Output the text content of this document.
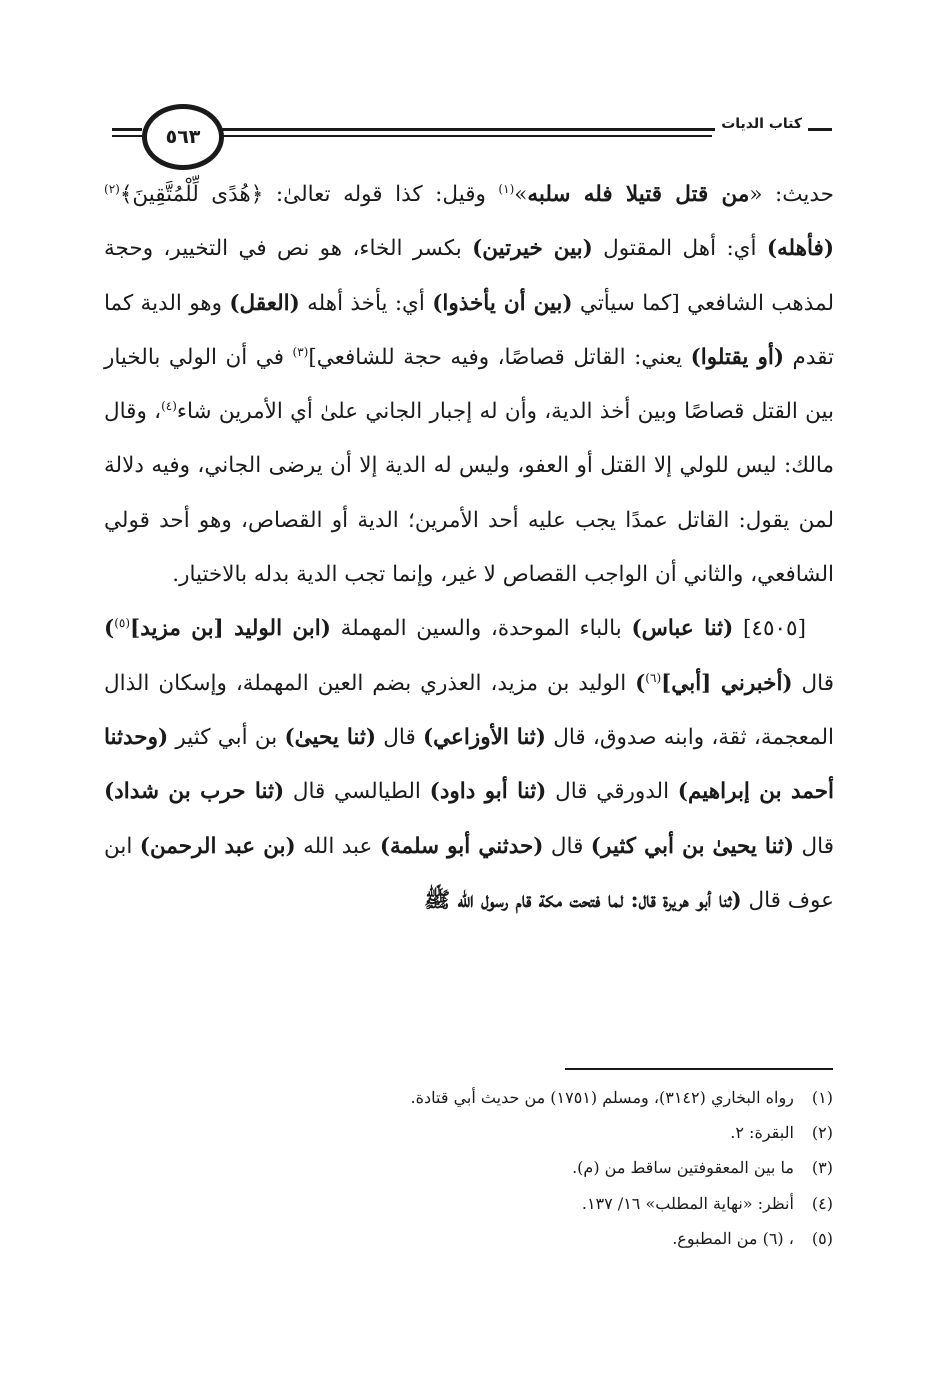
٥٦٣
كتاب الديات

حديث: «من قتل قتيلا فله سلبه»$^{(١)}$ وقيل: كذا قوله تعالىٰ: ﴿هُدًى لِّلْمُتَّقِينَ﴾$^{(٢)}$ (فأهله) أي: أهل المقتول (بين خيرتين) بكسر الخاء، هو نص في التخيير، وحجة لمذهب الشافعي [كما سيأتي (بين أن يأخذوا) أي: يأخذ أهله (العقل) وهو الدية كما تقدم (أو يقتلوا) يعني: القاتل قصاصًا، وفيه حجة للشافعي]$^{(٣)}$ في أن الولي بالخيار بين القتل قصاصًا وبين أخذ الدية، وأن له إجبار الجاني علىٰ أي الأمرين شاء$^{(٤)}$، وقال مالك: ليس للولي إلا القتل أو العفو، وليس له الدية إلا أن يرضى الجاني، وفيه دلالة لمن يقول: القاتل عمدًا يجب عليه أحد الأمرين؛ الدية أو القصاص، وهو أحد قولي الشافعي، والثاني أن الواجب القصاص لا غير، وإنما تجب الدية بدله بالاختيار.

[٤٥٠٥] (ثنا عباس) بالباء الموحدة، والسين المهملة (ابن الوليد [بن مزيد]$^{(٥)}$) قال (أخبرني [أبي]$^{(٦)}$) الوليد بن مزيد، العذري بضم العين المهملة، وإسكان الذال المعجمة، ثقة، وابنه صدوق، قال (ثنا الأوزاعي) قال (ثنا يحيىٰ) بن أبي كثير (وحدثنا أحمد بن إبراهيم) الدورقي قال (ثنا أبو داود) الطيالسي قال (ثنا حرب بن شداد) قال (ثنا يحيىٰ بن أبي كثير) قال (حدثني أبو سلمة) عبد الله (بن عبد الرحمن) ابن عوف قال (ثنا أبو هريرة قال: لما فتحت مكة قام رسول الله ﷺ

(١) رواه البخاري (٣١٤٢)، ومسلم (١٧٥١) من حديث أبي قتادة.
(٢) البقرة: ٢.
(٣) ما بين المعقوفتين ساقط من (م).
(٤) أنظر: «نهاية المطلب» ١٦/ ١٣٧.
(٥) ، (٦) من المطبوع.
